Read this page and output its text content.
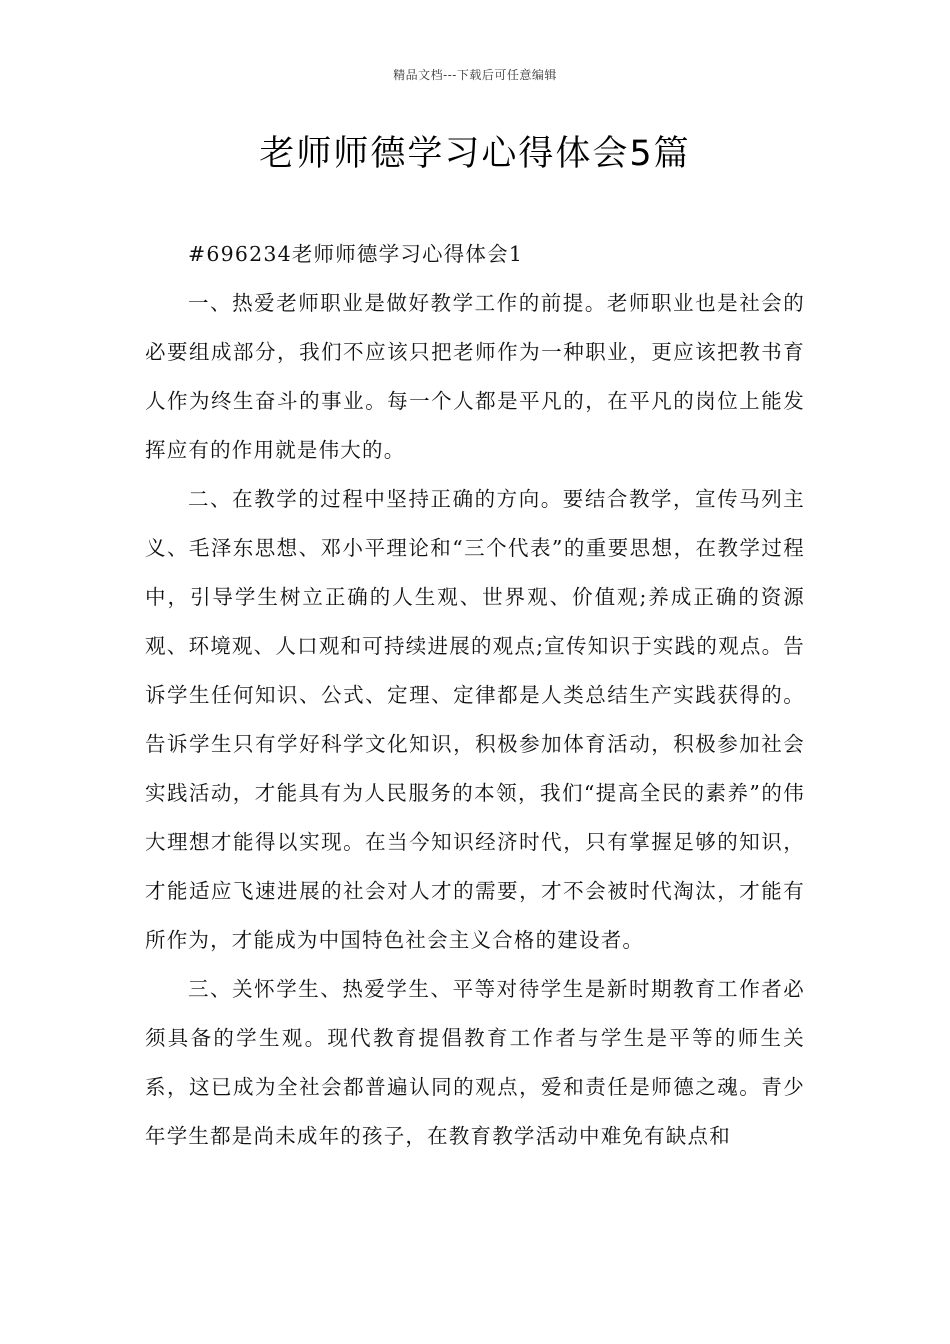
精品文档---下载后可任意编辑
老师师德学习心得体会5篇

#696234老师师德学习心得体会1

一、热爱老师职业是做好教学工作的前提。老师职业也是社会的必要组成部分，我们不应该只把老师作为一种职业，更应该把教书育人作为终生奋斗的事业。每一个人都是平凡的，在平凡的岗位上能发挥应有的作用就是伟大的。

二、在教学的过程中坚持正确的方向。要结合教学，宣传马列主义、毛泽东思想、邓小平理论和“三个代表”的重要思想，在教学过程中，引导学生树立正确的人生观、世界观、价值观;养成正确的资源观、环境观、人口观和可持续进展的观点;宣传知识于实践的观点。告诉学生任何知识、公式、定理、定律都是人类总结生产实践获得的。告诉学生只有学好科学文化知识，积极参加体育活动，积极参加社会实践活动，才能具有为人民服务的本领，我们“提高全民的素养”的伟大理想才能得以实现。在当今知识经济时代，只有掌握足够的知识，才能适应飞速进展的社会对人才的需要，才不会被时代淘汰，才能有所作为，才能成为中国特色社会主义合格的建设者。

三、关怀学生、热爱学生、平等对待学生是新时期教育工作者必须具备的学生观。现代教育提倡教育工作者与学生是平等的师生关系，这已成为全社会都普遍认同的观点，爱和责任是师德之魂。青少年学生都是尚未成年的孩子，在教育教学活动中难免有缺点和
